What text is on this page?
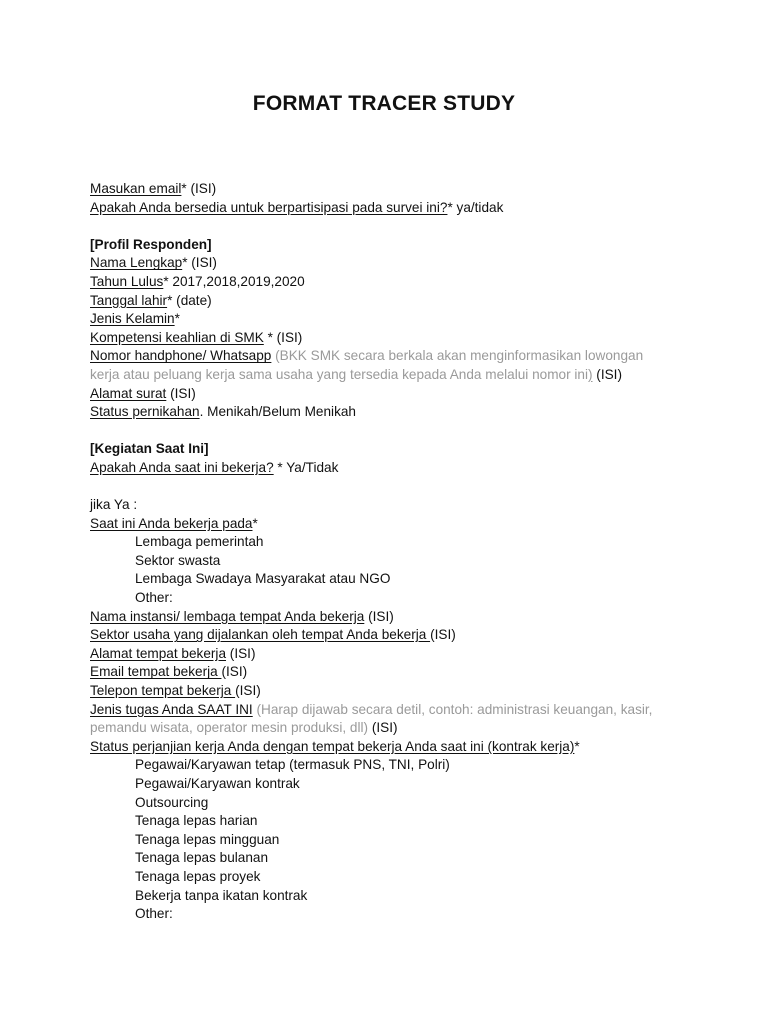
FORMAT TRACER STUDY
Masukan email* (ISI)
Apakah Anda bersedia untuk berpartisipasi pada survei ini?* ya/tidak
[Profil Responden]
Nama Lengkap* (ISI)
Tahun Lulus* 2017,2018,2019,2020
Tanggal lahir* (date)
Jenis Kelamin*
Kompetensi keahlian di SMK * (ISI)
Nomor handphone/ Whatsapp (BKK SMK secara berkala akan menginformasikan lowongan
kerja atau peluang kerja sama usaha yang tersedia kepada Anda melalui nomor ini) (ISI)
Alamat surat (ISI)
Status pernikahan. Menikah/Belum Menikah
[Kegiatan Saat Ini]
Apakah Anda saat ini bekerja? * Ya/Tidak
jika Ya :
Saat ini Anda bekerja pada*
Lembaga pemerintah
Sektor swasta
Lembaga Swadaya Masyarakat atau NGO
Other:
Nama instansi/ lembaga tempat Anda bekerja (ISI)
Sektor usaha yang dijalankan oleh tempat Anda bekerja (ISI)
Alamat tempat bekerja (ISI)
Email tempat bekerja (ISI)
Telepon tempat bekerja (ISI)
Jenis tugas Anda SAAT INI (Harap dijawab secara detil, contoh: administrasi keuangan, kasir,
pemandu wisata, operator mesin produksi, dll) (ISI)
Status perjanjian kerja Anda dengan tempat bekerja Anda saat ini (kontrak kerja)*
Pegawai/Karyawan tetap (termasuk PNS, TNI, Polri)
Pegawai/Karyawan kontrak
Outsourcing
Tenaga lepas harian
Tenaga lepas mingguan
Tenaga lepas bulanan
Tenaga lepas proyek
Bekerja tanpa ikatan kontrak
Other:
